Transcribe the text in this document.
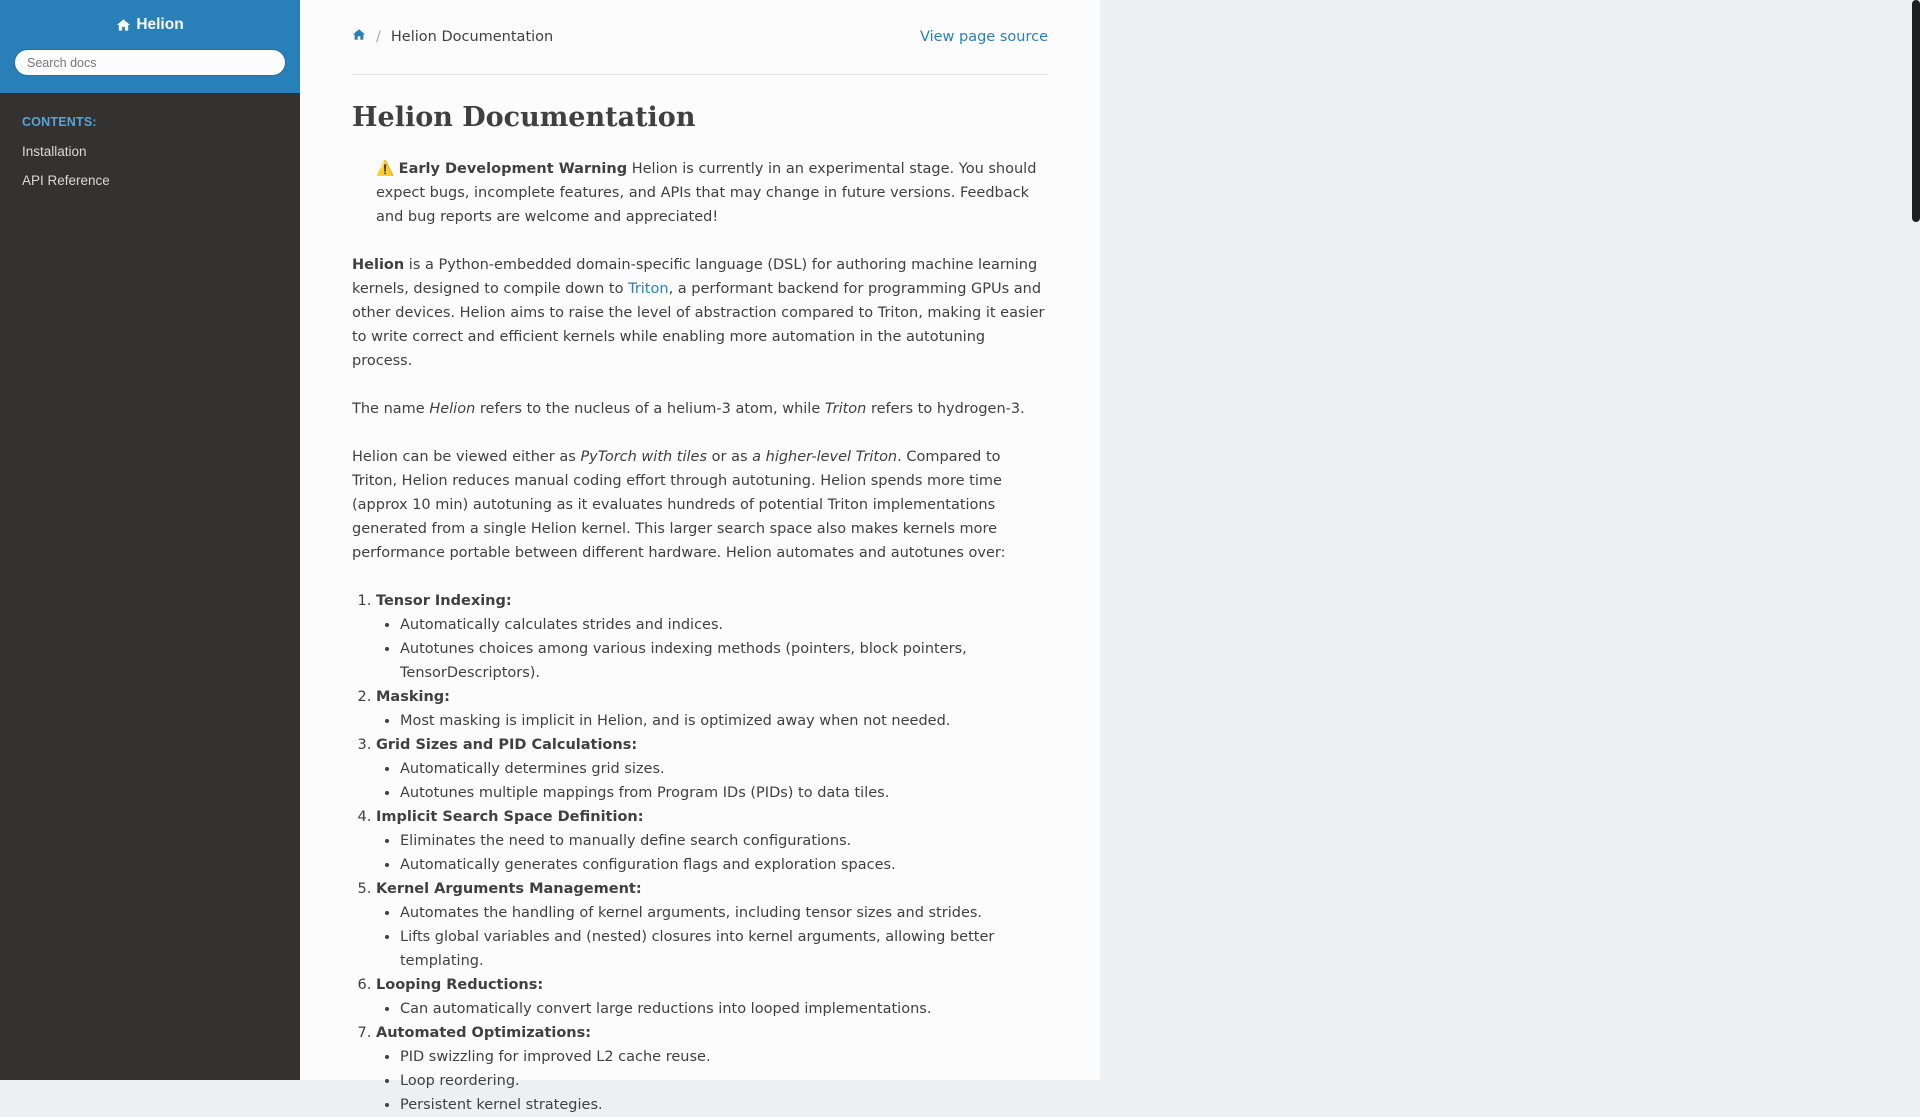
Helion
Search docs
CONTENTS:
Installation
API Reference
/ Helion Documentation	View page source
Helion Documentation

⚠️ Early Development Warning Helion is currently in an experimental stage. You should expect bugs, incomplete features, and APIs that may change in future versions. Feedback and bug reports are welcome and appreciated!

Helion is a Python-embedded domain-specific language (DSL) for authoring machine learning kernels, designed to compile down to Triton, a performant backend for programming GPUs and other devices. Helion aims to raise the level of abstraction compared to Triton, making it easier to write correct and efficient kernels while enabling more automation in the autotuning process.

The name Helion refers to the nucleus of a helium-3 atom, while Triton refers to hydrogen-3.

Helion can be viewed either as PyTorch with tiles or as a higher-level Triton. Compared to Triton, Helion reduces manual coding effort through autotuning. Helion spends more time (approx 10 min) autotuning as it evaluates hundreds of potential Triton implementations generated from a single Helion kernel. This larger search space also makes kernels more performance portable between different hardware. Helion automates and autotunes over:

1. Tensor Indexing:
• Automatically calculates strides and indices.
• Autotunes choices among various indexing methods (pointers, block pointers, TensorDescriptors).
2. Masking:
• Most masking is implicit in Helion, and is optimized away when not needed.
3. Grid Sizes and PID Calculations:
• Automatically determines grid sizes.
• Autotunes multiple mappings from Program IDs (PIDs) to data tiles.
4. Implicit Search Space Definition:
• Eliminates the need to manually define search configurations.
• Automatically generates configuration flags and exploration spaces.
5. Kernel Arguments Management:
• Automates the handling of kernel arguments, including tensor sizes and strides.
• Lifts global variables and (nested) closures into kernel arguments, allowing better templating.
6. Looping Reductions:
• Can automatically convert large reductions into looped implementations.
7. Automated Optimizations:
• PID swizzling for improved L2 cache reuse.
• Loop reordering.
• Persistent kernel strategies.
